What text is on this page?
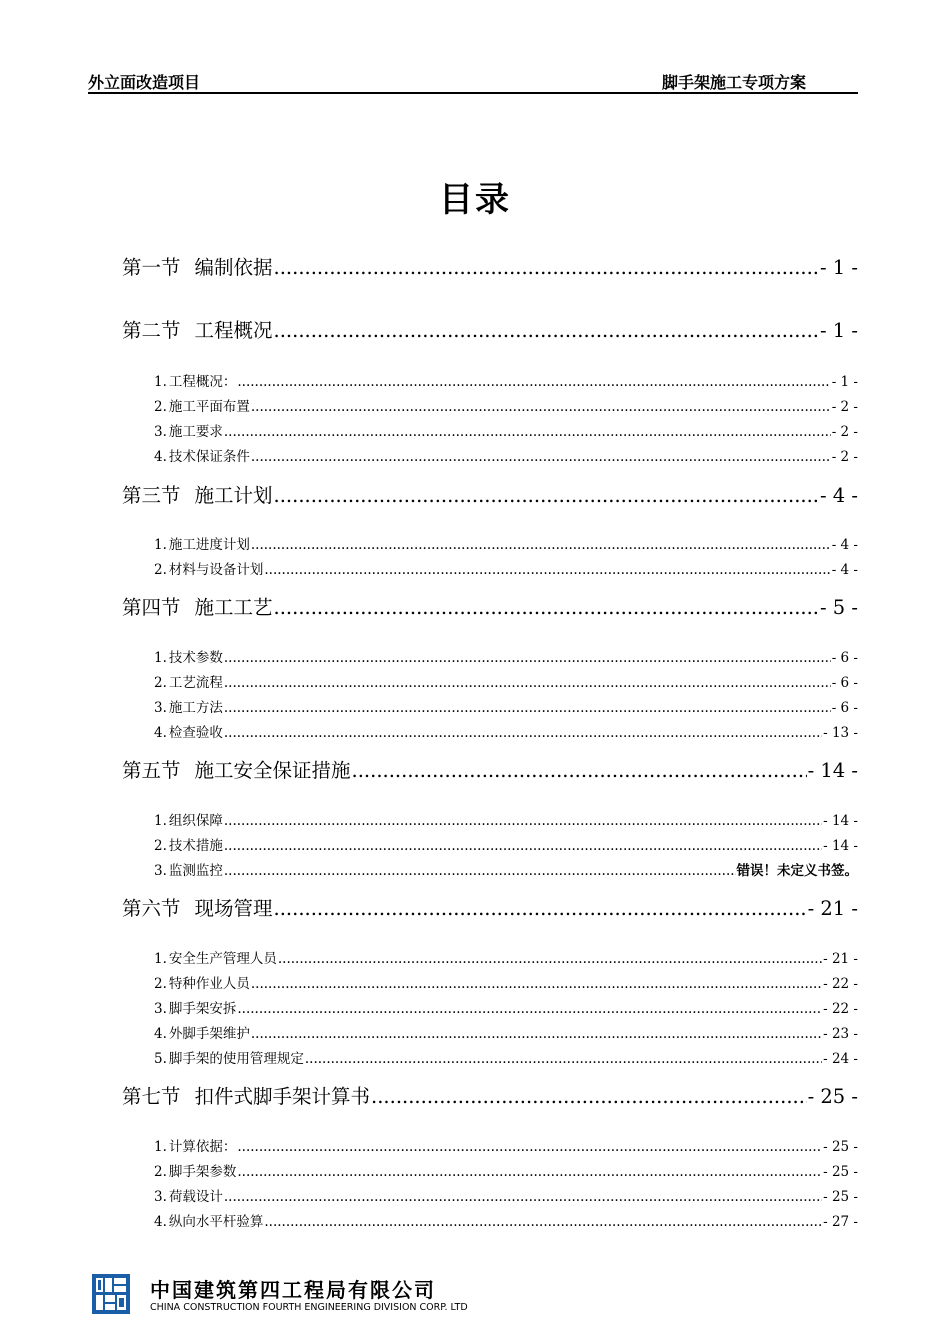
外立面改造项目	脚手架施工专项方案
目录
第一节 编制依据 .....	- 1 -
第二节 工程概况 .....	- 1 -
1. 工程概况： .....	- 1 -
2. 施工平面布置 .....	- 2 -
3. 施工要求 .....	- 2 -
4. 技术保证条件 .....	- 2 -
第三节 施工计划 .....	- 4 -
1. 施工进度计划 .....	- 4 -
2. 材料与设备计划 .....	- 4 -
第四节 施工工艺 .....	- 5 -
1. 技术参数 .....	- 6 -
2. 工艺流程 .....	- 6 -
3. 施工方法 .....	- 6 -
4. 检查验收 .....	- 13 -
第五节 施工安全保证措施 .....	- 14 -
1. 组织保障 .....	- 14 -
2. 技术措施 .....	- 14 -
3. 监测监控 .....	错误！未定义书签。
第六节 现场管理 .....	- 21 -
1. 安全生产管理人员 .....	- 21 -
2. 特种作业人员 .....	- 22 -
3. 脚手架安拆 .....	- 22 -
4. 外脚手架维护 .....	- 23 -
5. 脚手架的使用管理规定 .....	- 24 -
第七节 扣件式脚手架计算书 .....	- 25 -
1. 计算依据： .....	- 25 -
2. 脚手架参数 .....	- 25 -
3. 荷载设计 .....	- 25 -
4. 纵向水平杆验算 .....	- 27 -
中国建筑第四工程局有限公司
CHINA CONSTRUCTION FOURTH ENGINEERING DIVISION CORP. LTD
